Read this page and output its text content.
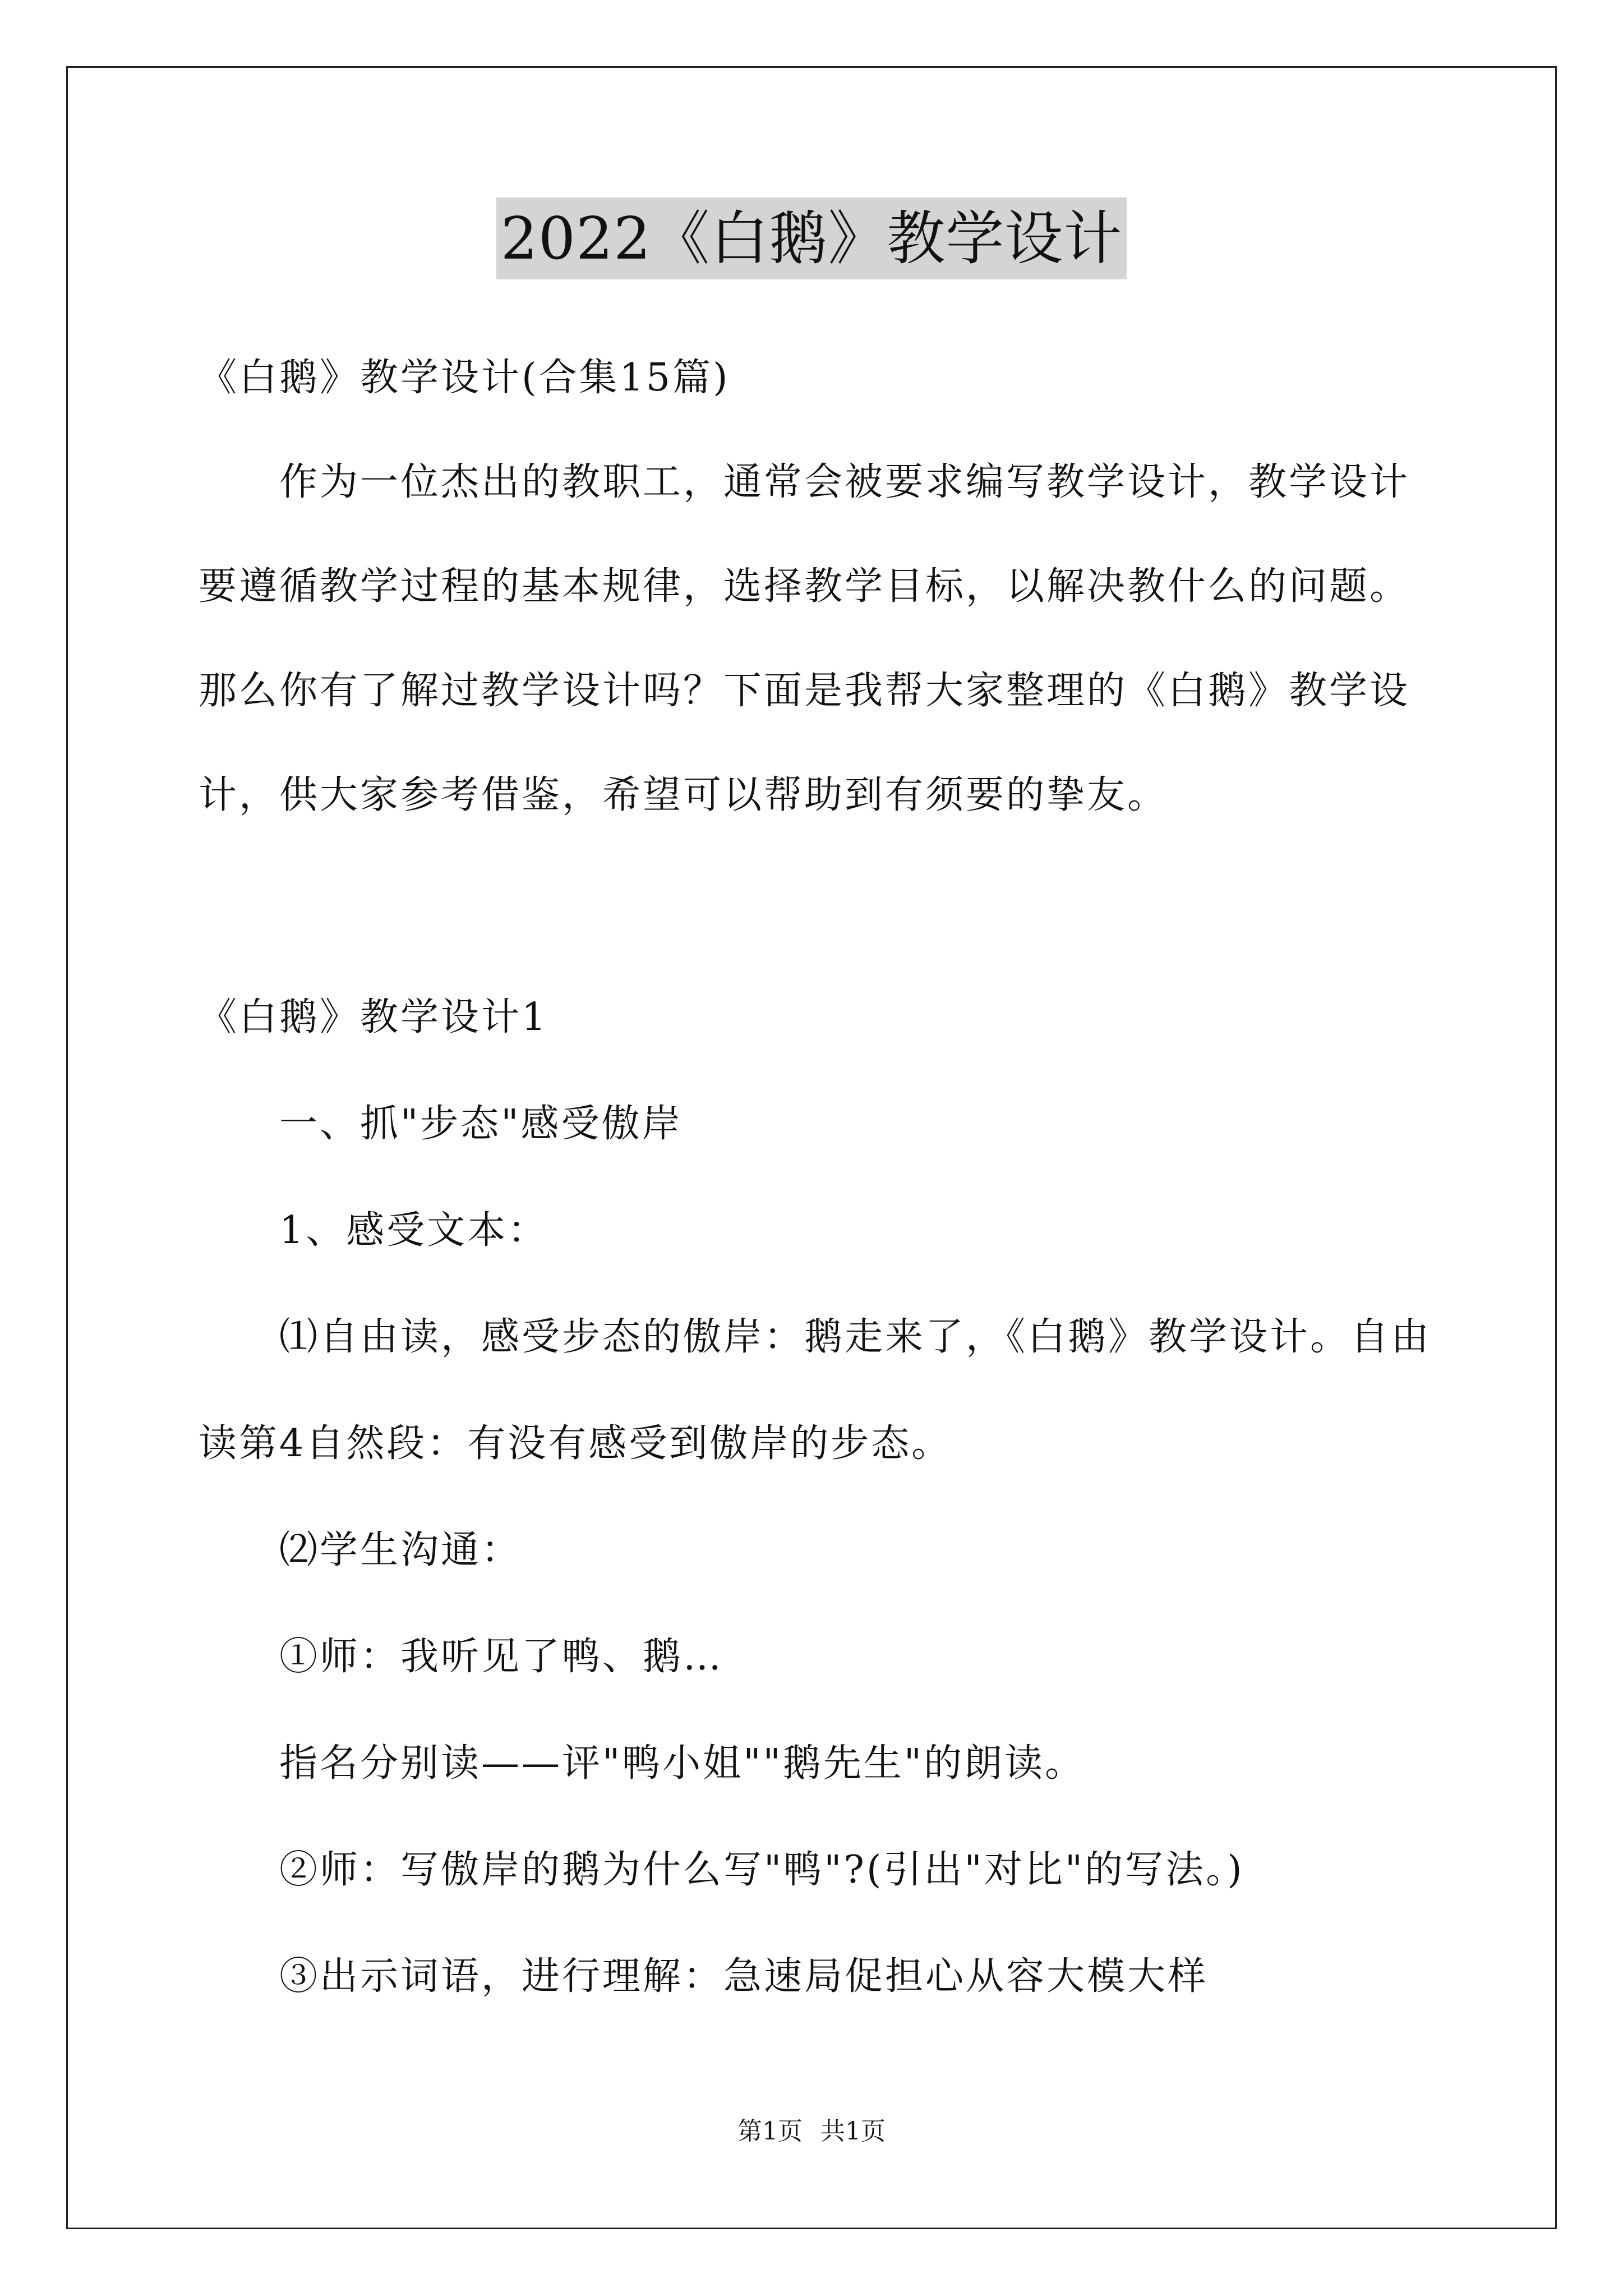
2022《白鹅》教学设计
《白鹅》教学设计(合集15篇)
作为一位杰出的教职工，通常会被要求编写教学设计，教学设计
要遵循教学过程的基本规律，选择教学目标，以解决教什么的问题。
那么你有了解过教学设计吗？下面是我帮大家整理的《白鹅》教学设
计，供大家参考借鉴，希望可以帮助到有须要的挚友。
《白鹅》教学设计1
一、抓"步态"感受傲岸
1、感受文本：
⑴自由读，感受步态的傲岸：鹅走来了，《白鹅》教学设计。自由
读第4自然段：有没有感受到傲岸的步态。
⑵学生沟通：
①师：我听见了鸭、鹅…
指名分别读——评"鸭小姐""鹅先生"的朗读。
②师：写傲岸的鹅为什么写"鸭"?(引出"对比"的写法。)
③出示词语，进行理解：急速局促担心从容大模大样
第1页 共1页
